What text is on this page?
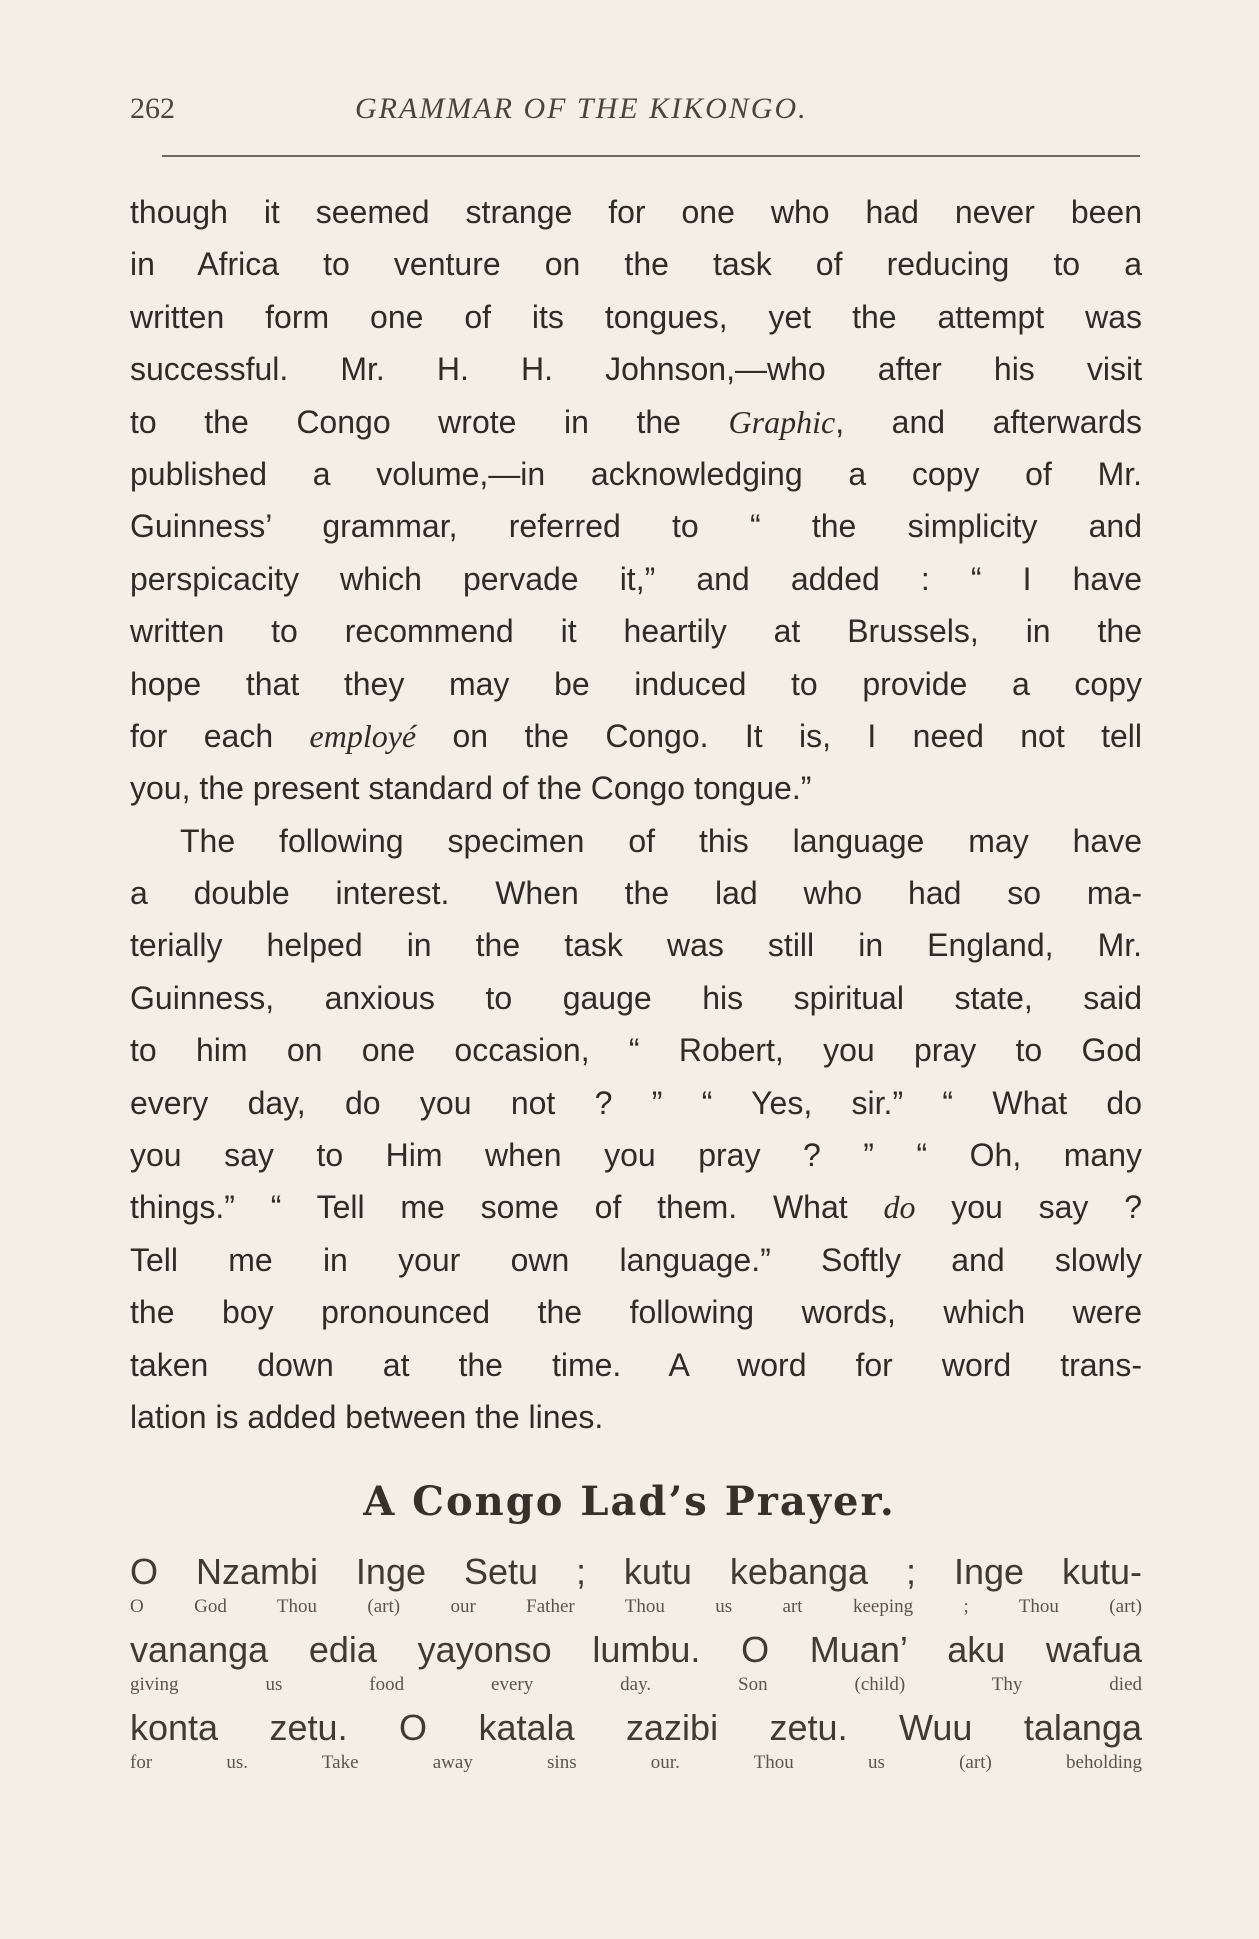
262	GRAMMAR OF THE KIKONGO.
though it seemed strange for one who had never been
in Africa to venture on the task of reducing to a
written form one of its tongues, yet the attempt was
successful. Mr. H. H. Johnson,—who after his visit
to the Congo wrote in the Graphic, and afterwards
published a volume,—in acknowledging a copy of Mr.
Guinness’ grammar, referred to “ the simplicity and
perspicacity which pervade it,” and added : “ I have
written to recommend it heartily at Brussels, in the
hope that they may be induced to provide a copy
for each employé on the Congo. It is, I need not tell
you, the present standard of the Congo tongue.”
The following specimen of this language may have
a double interest. When the lad who had so ma-
terially helped in the task was still in England, Mr.
Guinness, anxious to gauge his spiritual state, said
to him on one occasion, “ Robert, you pray to God
every day, do you not ? ” “ Yes, sir.” “ What do
you say to Him when you pray ? ” “ Oh, many
things.” “ Tell me some of them. What do you say ?
Tell me in your own language.” Softly and slowly
the boy pronounced the following words, which were
taken down at the time. A word for word trans-
lation is added between the lines.
A Congo Lad’s Prayer.
O Nzambi Inge Setu ; kutu kebanga ; Inge kutu-
O God Thou (art) our Father Thou us art keeping ; Thou (art)
vananga edia yayonso lumbu. O Muan’ aku wafua
giving us food every day. Son (child) Thy died
konta zetu. O katala zazibi zetu. Wuu talanga
for us. Take away sins our. Thou us (art) beholding
